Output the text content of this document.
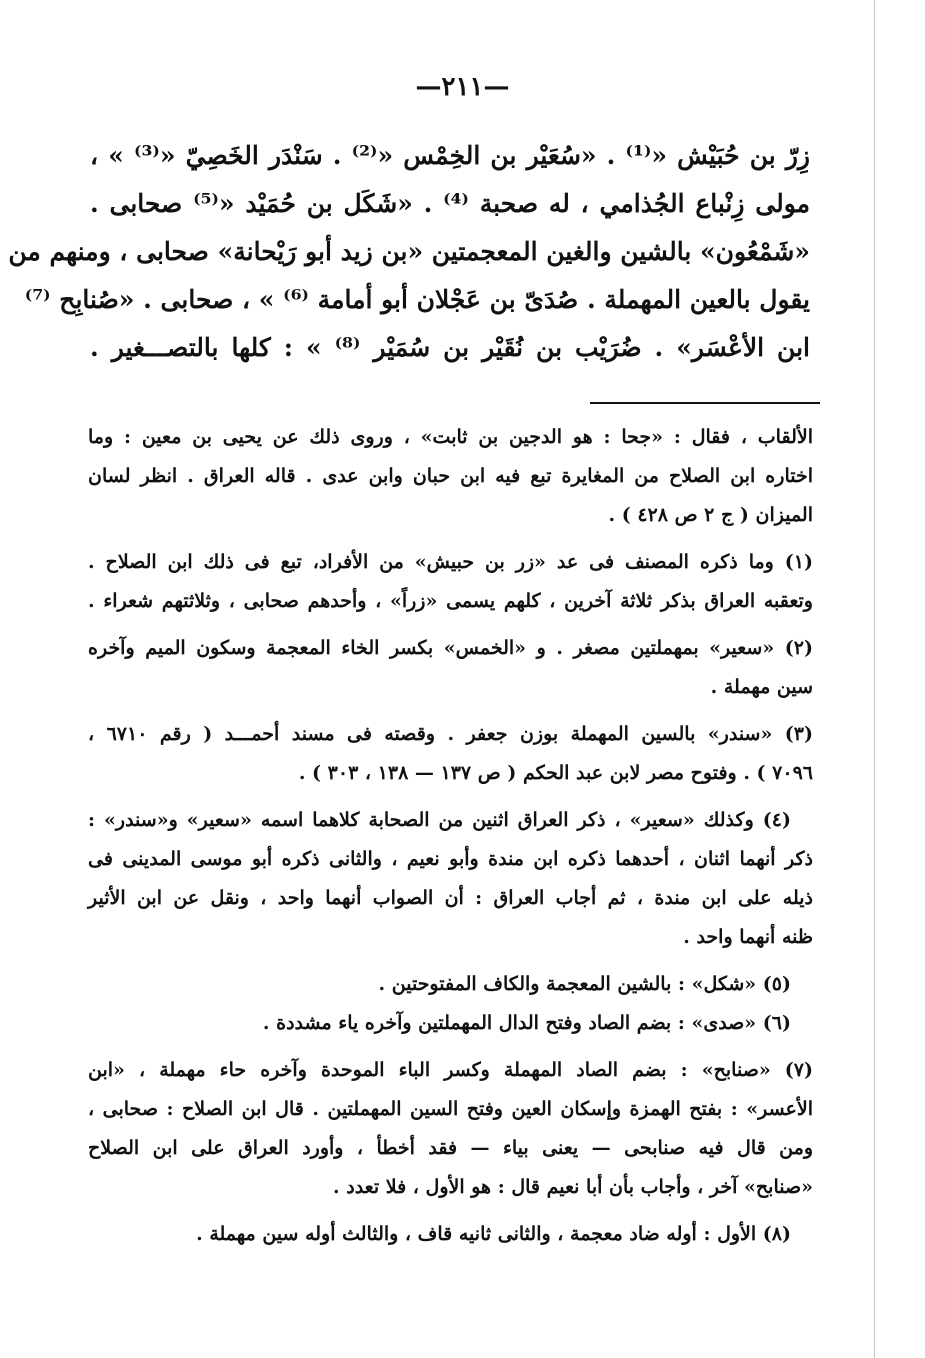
—٢١١—
زِرّ بن حُبَيْش «⁽¹⁾ . «سُعَيْر بن الخِمْس «⁽²⁾ . سَنْدَر الخَصِيّ «⁽³⁾ » ،
مولى زِنْباع الجُذامي ، له صحبة ⁽⁴⁾ . «شَكَل بن حُمَيْد «⁽⁵⁾ صحابى .
«شَمْعُون» بالشين والغين المعجمتين «بن زيد أبو رَيْحانة» صحابى ، ومنهم من
يقول بالعين المهملة . صُدَىّ بن عَجْلان أبو أمامة ⁽⁶⁾ » ، صحابى . «صُنابِح ⁽⁷⁾
ابن الأعْسَر» . ضُرَيْب بن نُقَيْر بن سُمَيْر ⁽⁸⁾ » : كلها بالتصـــغير .
الألقاب ، فقال : «جحا : هو الدجين بن ثابت» ، وروى ذلك عن يحيى بن معين : وما
اختاره ابن الصلاح من المغايرة تبع فيه ابن حبان وابن عدى . قاله العراق . انظر لسان
الميزان ( ج ٢ ص ٤٢٨ ) .
(١) وما ذكره المصنف فى عد «زر بن حبيش» من الأفراد، تبع فى ذلك ابن الصلاح .
وتعقبه العراق بذكر ثلاثة آخرين ، كلهم يسمى «زراً» ، وأحدهم صحابى ، وثلاثتهم شعراء .
(٢) «سعير» بمهملتين مصغر . و «الخمس» بكسر الخاء المعجمة وسكون الميم وآخره
سين مهملة .
(٣) «سندر» بالسين المهملة بوزن جعفر . وقصته فى مسند أحمـــد ( رقم ٦٧١٠ ،
٧٠٩٦ ) . وفتوح مصر لابن عبد الحكم ( ص ١٣٧ — ١٣٨ ، ٣٠٣ ) .
(٤) وكذلك «سعير» ، ذكر العراق اثنين من الصحابة كلاهما اسمه «سعير» و«سندر» :
ذكر أنهما اثنان ، أحدهما ذكره ابن مندة وأبو نعيم ، والثانى ذكره أبو موسى المدينى فى
ذيله على ابن مندة ، ثم أجاب العراق : أن الصواب أنهما واحد ، ونقل عن ابن الأثير
ظنه أنهما واحد .
(٥) «شكل» : بالشين المعجمة والكاف المفتوحتين .
(٦) «صدى» : بضم الصاد وفتح الدال المهملتين وآخره ياء مشددة .
(٧) «صنابح» : بضم الصاد المهملة وكسر الباء الموحدة وآخره حاء مهملة ، «ابن
الأعسر» : بفتح الهمزة وإسكان العين وفتح السين المهملتين . قال ابن الصلاح : صحابى ،
ومن قال فيه صنابحى — يعنى بياء — فقد أخطأ ، وأورد العراق على ابن الصلاح
«صنابح» آخر ، وأجاب بأن أبا نعيم قال : هو الأول ، فلا تعدد .
(٨) الأول : أوله ضاد معجمة ، والثانى ثانيه قاف ، والثالث أوله سين مهملة .
